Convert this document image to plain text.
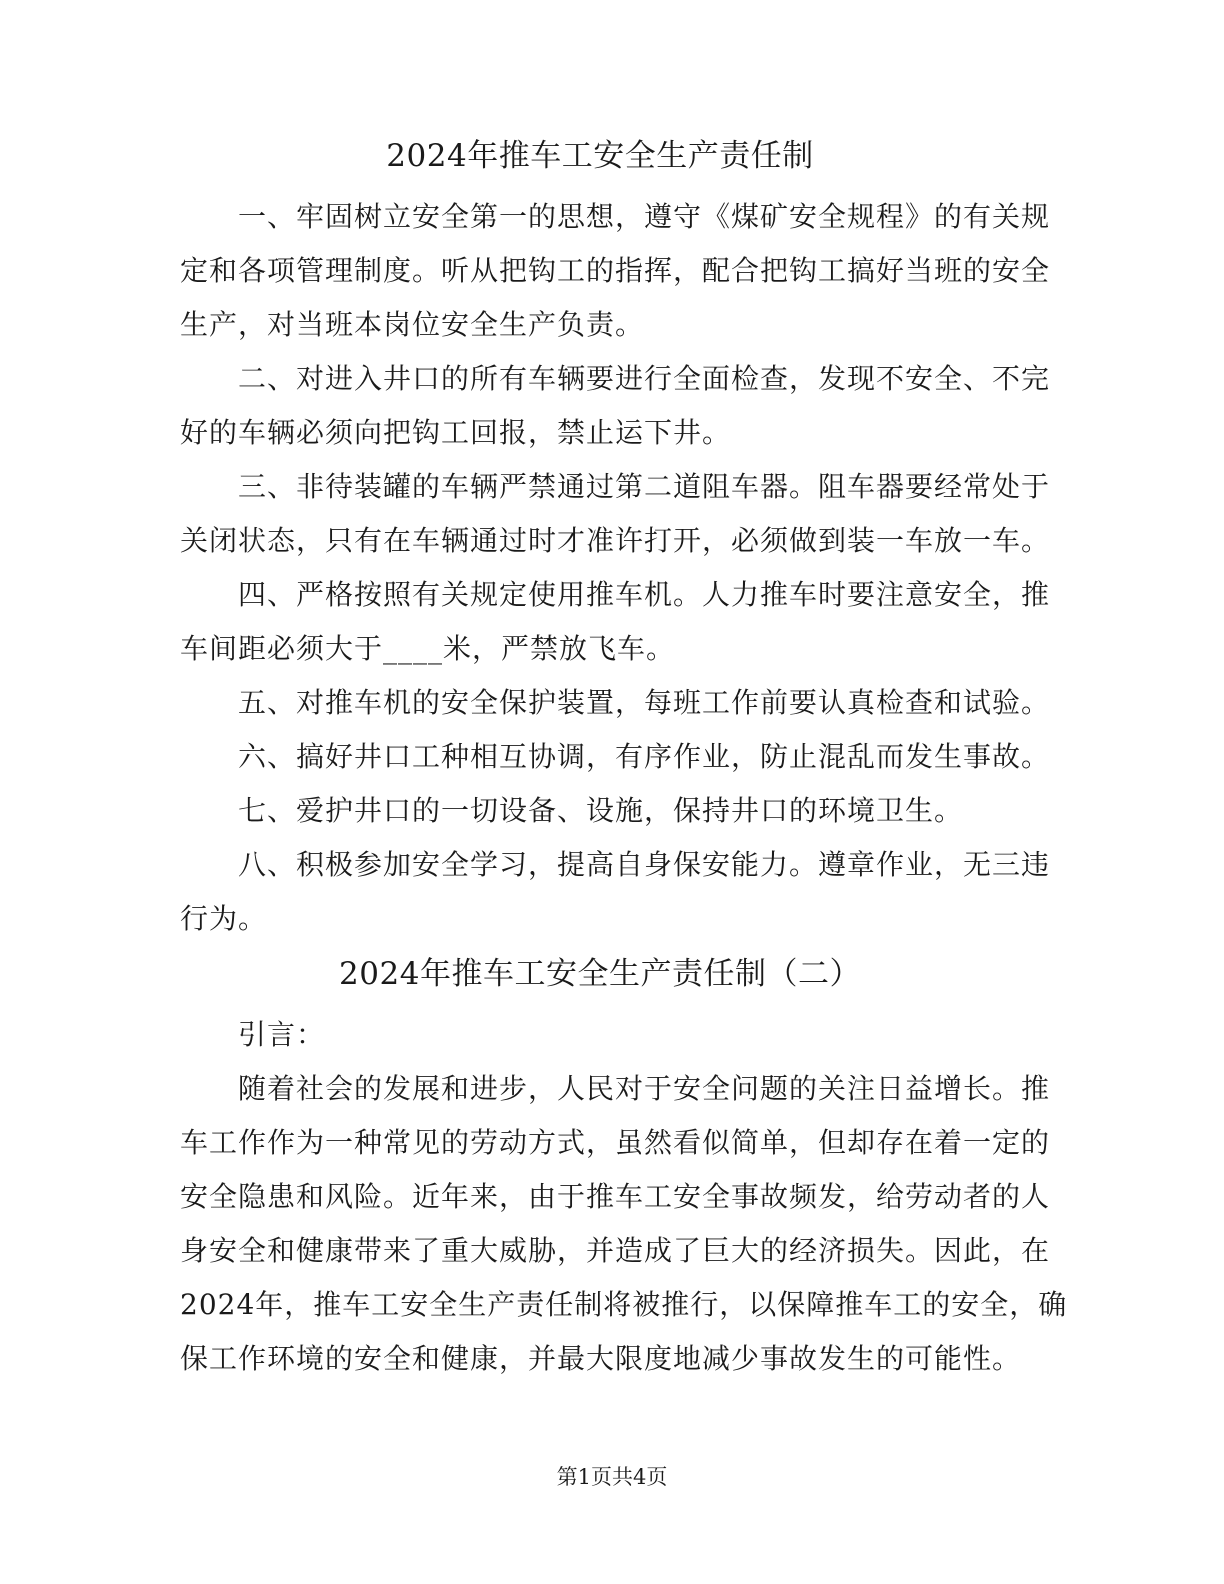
2024年推车工安全生产责任制
一、牢固树立安全第一的思想，遵守《煤矿安全规程》的有关规
定和各项管理制度。听从把钩工的指挥，配合把钩工搞好当班的安全
生产，对当班本岗位安全生产负责。
二、对进入井口的所有车辆要进行全面检查，发现不安全、不完
好的车辆必须向把钩工回报，禁止运下井。
三、非待装罐的车辆严禁通过第二道阻车器。阻车器要经常处于
关闭状态，只有在车辆通过时才准许打开，必须做到装一车放一车。
四、严格按照有关规定使用推车机。人力推车时要注意安全，推
车间距必须大于____米，严禁放飞车。
五、对推车机的安全保护装置，每班工作前要认真检查和试验。
六、搞好井口工种相互协调，有序作业，防止混乱而发生事故。
七、爱护井口的一切设备、设施，保持井口的环境卫生。
八、积极参加安全学习，提高自身保安能力。遵章作业，无三违
行为。
2024年推车工安全生产责任制（二）
引言：
随着社会的发展和进步，人民对于安全问题的关注日益增长。推
车工作作为一种常见的劳动方式，虽然看似简单，但却存在着一定的
安全隐患和风险。近年来，由于推车工安全事故频发，给劳动者的人
身安全和健康带来了重大威胁，并造成了巨大的经济损失。因此，在
2024年，推车工安全生产责任制将被推行，以保障推车工的安全，确
保工作环境的安全和健康，并最大限度地减少事故发生的可能性。
第1页共4页
